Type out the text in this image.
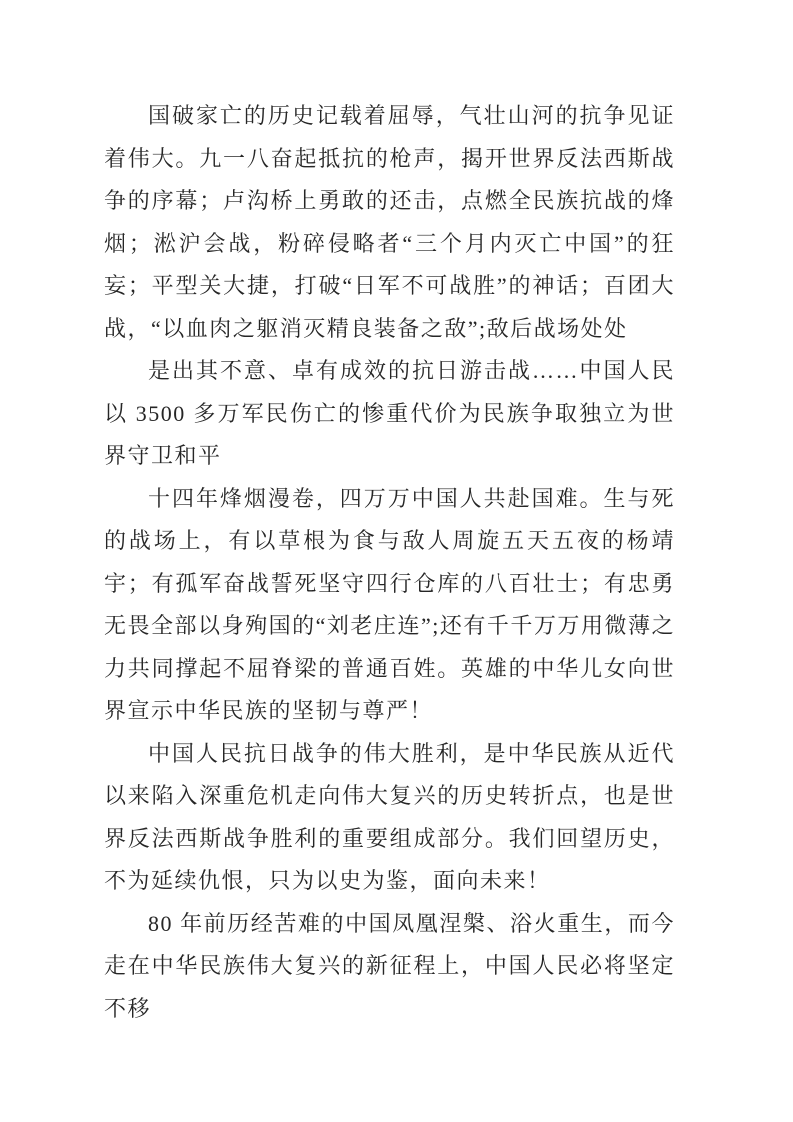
国破家亡的历史记载着屈辱，气壮山河的抗争见证着伟大。九一八奋起抵抗的枪声，揭开世界反法西斯战争的序幕；卢沟桥上勇敢的还击，点燃全民族抗战的烽烟；淞沪会战，粉碎侵略者“三个月内灭亡中国”的狂妄；平型关大捷，打破“日军不可战胜”的神话；百团大战，“以血肉之躯消灭精良装备之敌”;敌后战场处处

是出其不意、卓有成效的抗日游击战……中国人民以 3500 多万军民伤亡的惨重代价为民族争取独立为世界守卫和平

十四年烽烟漫卷，四万万中国人共赴国难。生与死的战场上，有以草根为食与敌人周旋五天五夜的杨靖宇；有孤军奋战誓死坚守四行仓库的八百壮士；有忠勇无畏全部以身殉国的“刘老庄连”;还有千千万万用微薄之力共同撑起不屈脊梁的普通百姓。英雄的中华儿女向世界宣示中华民族的坚韧与尊严！

中国人民抗日战争的伟大胜利，是中华民族从近代以来陷入深重危机走向伟大复兴的历史转折点，也是世界反法西斯战争胜利的重要组成部分。我们回望历史，不为延续仇恨，只为以史为鉴，面向未来！

80 年前历经苦难的中国凤凰涅槃、浴火重生，而今走在中华民族伟大复兴的新征程上，中国人民必将坚定不移
